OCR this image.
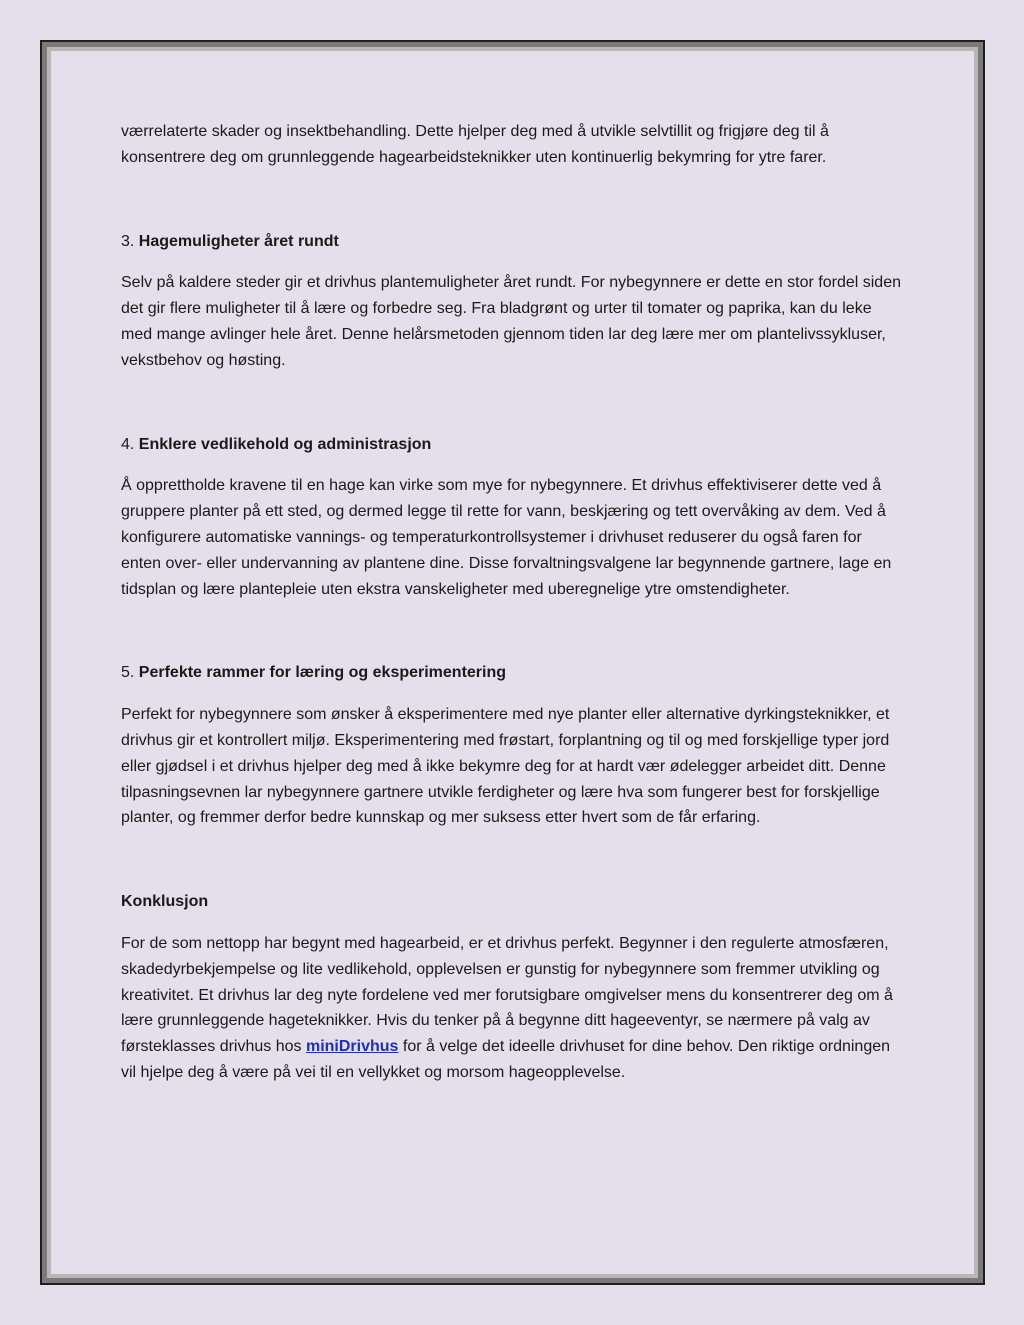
værrelaterte skader og insektbehandling. Dette hjelper deg med å utvikle selvtillit og frigjøre deg til å konsentrere deg om grunnleggende hagearbeidsteknikker uten kontinuerlig bekymring for ytre farer.

3. Hagemuligheter året rundt

Selv på kaldere steder gir et drivhus plantemuligheter året rundt. For nybegynnere er dette en stor fordel siden det gir flere muligheter til å lære og forbedre seg. Fra bladgrønt og urter til tomater og paprika, kan du leke med mange avlinger hele året. Denne helårsmetoden gjennom tiden lar deg lære mer om plantelivssykluser, vekstbehov og høsting.

4. Enklere vedlikehold og administrasjon

Å opprettholde kravene til en hage kan virke som mye for nybegynnere. Et drivhus effektiviserer dette ved å gruppere planter på ett sted, og dermed legge til rette for vann, beskjæring og tett overvåking av dem. Ved å konfigurere automatiske vannings- og temperaturkontrollsystemer i drivhuset reduserer du også faren for enten over- eller undervanning av plantene dine. Disse forvaltningsvalgene lar begynnende gartnere, lage en tidsplan og lære plantepleie uten ekstra vanskeligheter med uberegnelige ytre omstendigheter.

5. Perfekte rammer for læring og eksperimentering

Perfekt for nybegynnere som ønsker å eksperimentere med nye planter eller alternative dyrkingsteknikker, et drivhus gir et kontrollert miljø. Eksperimentering med frøstart, forplantning og til og med forskjellige typer jord eller gjødsel i et drivhus hjelper deg med å ikke bekymre deg for at hardt vær ødelegger arbeidet ditt. Denne tilpasningsevnen lar nybegynnere gartnere utvikle ferdigheter og lære hva som fungerer best for forskjellige planter, og fremmer derfor bedre kunnskap og mer suksess etter hvert som de får erfaring.

Konklusjon

For de som nettopp har begynt med hagearbeid, er et drivhus perfekt. Begynner i den regulerte atmosfæren, skadedyrbekjempelse og lite vedlikehold, opplevelsen er gunstig for nybegynnere som fremmer utvikling og kreativitet. Et drivhus lar deg nyte fordelene ved mer forutsigbare omgivelser mens du konsentrerer deg om å lære grunnleggende hageteknikker. Hvis du tenker på å begynne ditt hageeventyr, se nærmere på valg av førsteklasses drivhus hos miniDrivhus for å velge det ideelle drivhuset for dine behov. Den riktige ordningen vil hjelpe deg å være på vei til en vellykket og morsom hageopplevelse.
